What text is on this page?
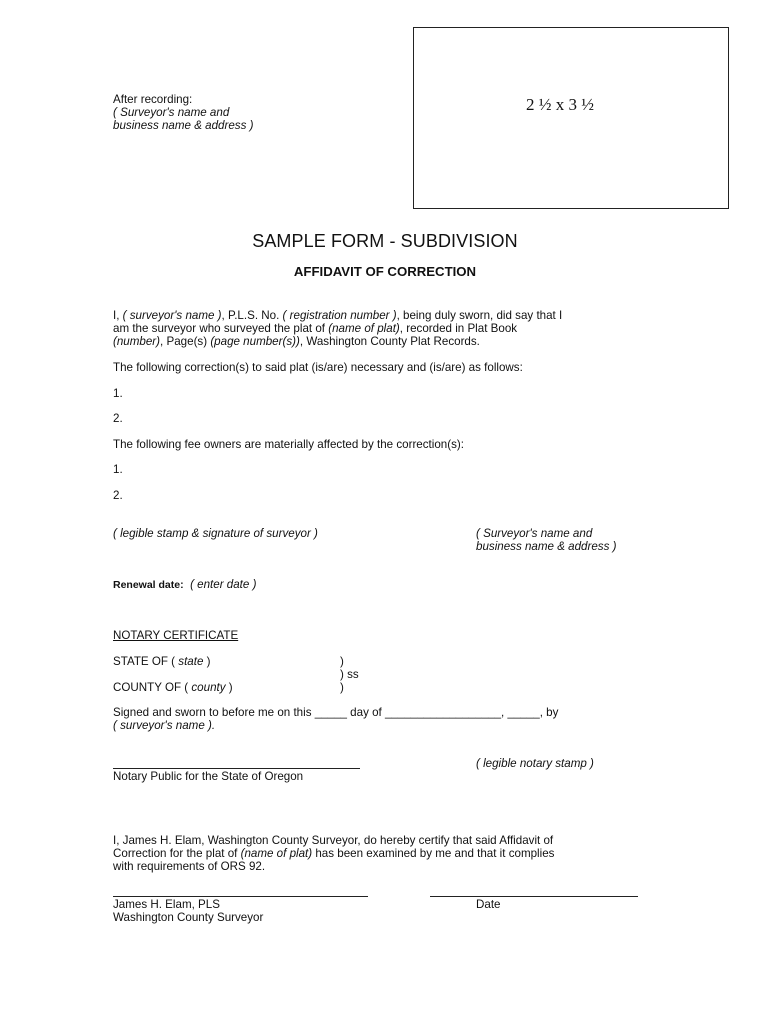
After recording:
( Surveyor's name and
business name & address )
2 ½ x 3 ½
SAMPLE FORM - SUBDIVISION
AFFIDAVIT OF CORRECTION
I, ( surveyor's name ), P.L.S. No. ( registration number ), being duly sworn, did say that I
am the surveyor who surveyed the plat of (name of plat), recorded in Plat Book
(number), Page(s) (page number(s)), Washington County Plat Records.
The following correction(s) to said plat (is/are) necessary and (is/are) as follows:
1.
2.
The following fee owners are materially affected by the correction(s):
1.
2.
( legible stamp & signature of surveyor )	( Surveyor's name and
business name & address )
Renewal date: ( enter date )
NOTARY CERTIFICATE
STATE OF ( state )
COUNTY OF ( county )
)
) ss
)
Signed and sworn to before me on this _____ day of __________________, _____, by
( surveyor's name ).
Notary Public for the State of Oregon
( legible notary stamp )
I, James H. Elam, Washington County Surveyor, do hereby certify that said Affidavit of
Correction for the plat of (name of plat) has been examined by me and that it complies
with requirements of ORS 92.
James H. Elam, PLS
Washington County Surveyor
Date
